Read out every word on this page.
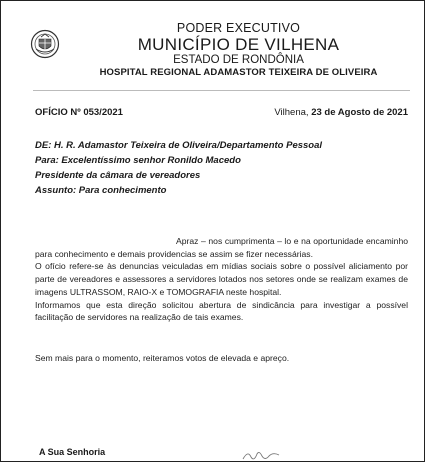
PODER EXECUTIVO
MUNICÍPIO DE VILHENA
ESTADO DE RONDÔNIA
HOSPITAL REGIONAL ADAMASTOR TEIXEIRA DE OLIVEIRA
OFÍCIO Nº 053/2021	Vilhena, 23 de Agosto de 2021
DE: H. R. Adamastor Teixeira de Oliveira/Departamento Pessoal
Para: Excelentíssimo senhor Ronildo Macedo
Presidente da câmara de vereadores
Assunto: Para conhecimento

Apraz – nos cumprimenta – lo e na oportunidade encaminho para conhecimento e demais providencias se assim se fizer necessárias.

O ofício refere-se às denuncias veiculadas em mídias sociais sobre o possível aliciamento por parte de vereadores e assessores a servidores lotados nos setores onde se realizam exames de imagens ULTRASSOM, RAIO-X e TOMOGRAFIA neste hospital.

Informamos que esta direção solicitou abertura de sindicância para investigar a possível facilitação de servidores na realização de tais exames.

Sem mais para o momento, reiteramos votos de elevada e apreço.
A Sua Senhoria
